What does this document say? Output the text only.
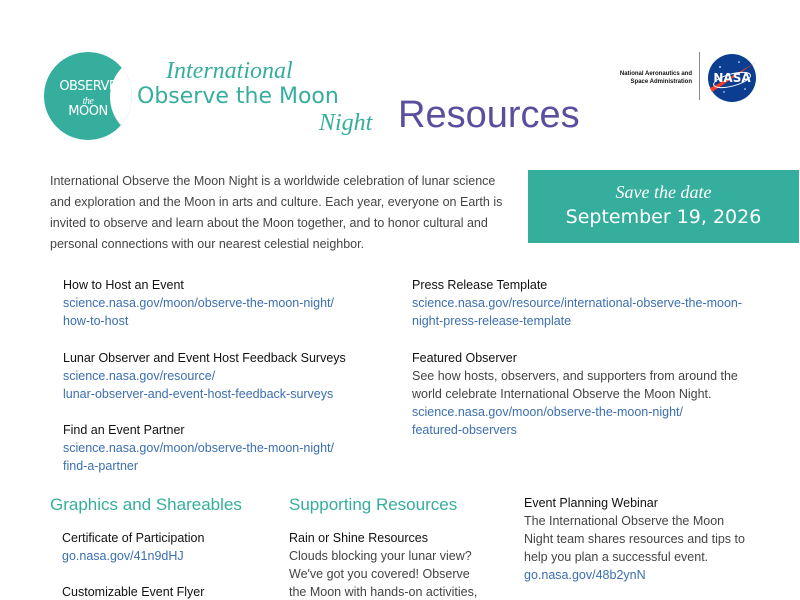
OBSERVE
the
MOON
International
Observe the Moon
Night Resources
National Aeronautics and
Space Administration NASA
International Observe the Moon Night is a worldwide celebration of lunar science and exploration and the Moon in arts and culture. Each year, everyone on Earth is invited to observe and learn about the Moon together, and to honor cultural and personal connections with our nearest celestial neighbor.
Save the date
September 19, 2026
How to Host an Event
science.nasa.gov/moon/observe-the-moon-night/
how-to-host
Lunar Observer and Event Host Feedback Surveys
science.nasa.gov/resource/
lunar-observer-and-event-host-feedback-surveys
Find an Event Partner
science.nasa.gov/moon/observe-the-moon-night/
find-a-partner
Press Release Template
science.nasa.gov/resource/international-observe-the-moon-
night-press-release-template
Featured Observer
See how hosts, observers, and supporters from around the
world celebrate International Observe the Moon Night.
science.nasa.gov/moon/observe-the-moon-night/
featured-observers
Graphics and Shareables	Supporting Resources
Certificate of Participation
go.nasa.gov/41n9dHJ
Customizable Event Flyer
Rain or Shine Resources
Clouds blocking your lunar view?
We've got you covered! Observe
the Moon with hands-on activities,
Event Planning Webinar
The International Observe the Moon
Night team shares resources and tips to
help you plan a successful event.
go.nasa.gov/48b2ynN
